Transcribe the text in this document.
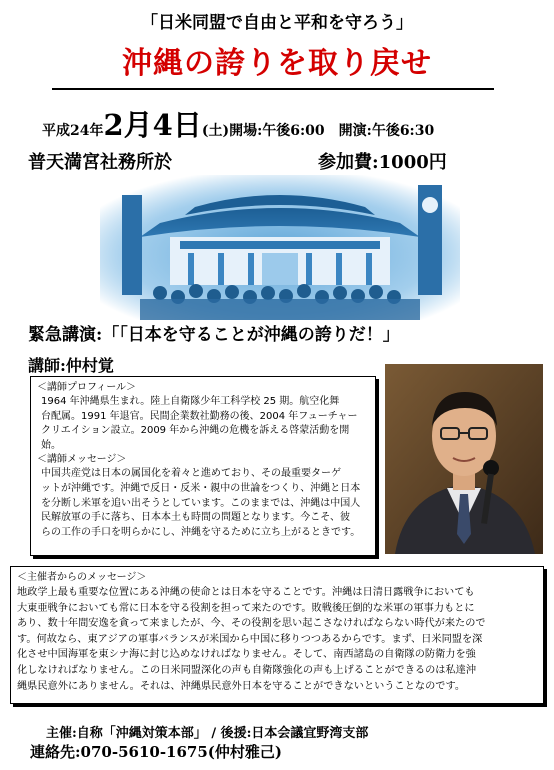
「日米同盟で自由と平和を守ろう」
沖縄の誇りを取り戻せ
平成24年2月4日(土)開場:午後6:00　開演:午後6:30
普天満宮社務所於	参加費:1000円
緊急講演:「「日本を守ることが沖縄の誇りだ！」
講師:仲村覚
＜講師プロフィール＞
1964 年沖縄県生まれ。陸上自衛隊少年工科学校 25 期。航空化舞
台配属。1991 年退官。民間企業数社勤務の後、2004 年フューチャー
クリエイション設立。2009 年から沖縄の危機を訴える啓蒙活動を開始。
＜講師メッセージ＞
中国共産党は日本の属国化を着々と進めており、その最重要ターゲ
ットが沖縄です。沖縄で反日・反米・親中の世論をつくり、沖縄と日本
を分断し米軍を追い出そうとしています。このままでは、沖縄は中国人
民解放軍の手に落ち、日本本土も時間の問題となります。今こそ、彼
らの工作の手口を明らかにし、沖縄を守るために立ち上がるときです。
＜主催者からのメッセージ＞
地政学上最も重要な位置にある沖縄の使命とは日本を守ることです。沖縄は日清日露戦争においても
大東亜戦争においても常に日本を守る役割を担って来たのです。敗戦後圧倒的な米軍の軍事力もとに
あり、数十年間安逸を貪って来ましたが、今、その役割を思い起こさなければならない時代が来たので
す。何故なら、東アジアの軍事バランスが米国から中国に移りつつあるからです。まず、日米同盟を深
化させ中国海軍を東シナ海に封じ込めなければなりません。そして、南西諸島の自衛隊の防衛力を強
化しなければなりません。この日米同盟深化の声も自衛隊強化の声も上げることができるのは私達沖
縄県民意外にありません。それは、沖縄県民意外日本を守ることができないということなのです。
主催:自称「沖縄対策本部」 / 後援:日本会議宜野湾支部
連絡先:070-5610-1675(仲村雅己)
